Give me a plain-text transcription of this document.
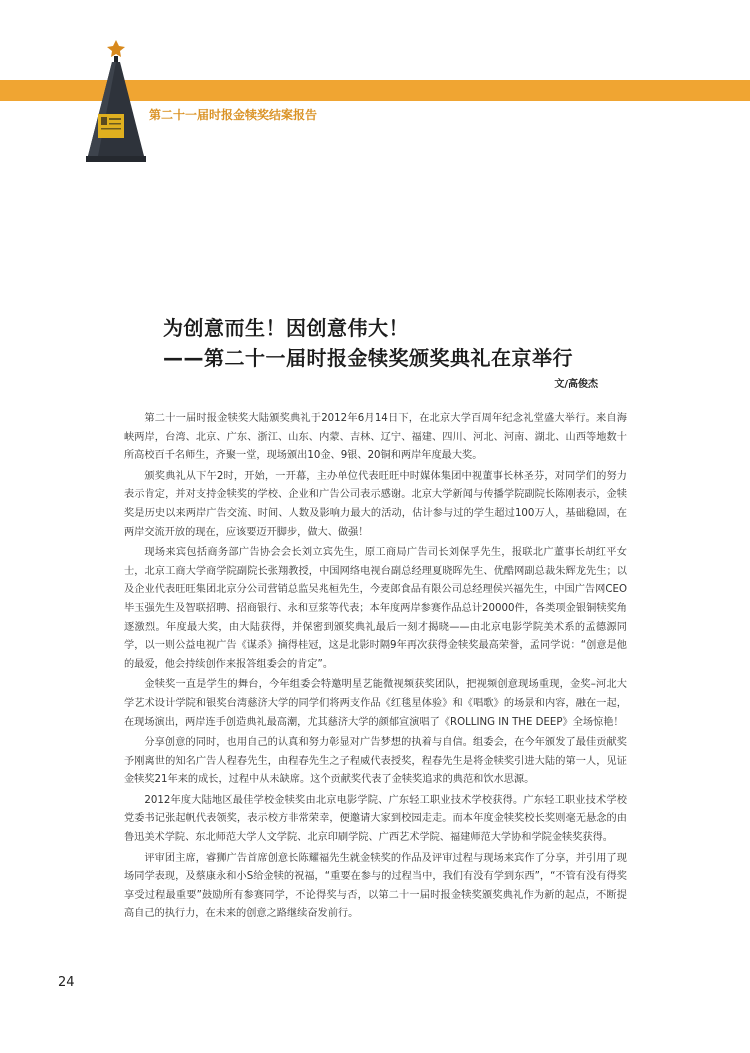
第二十一届时报金犊奖结案报告
为创意而生！因创意伟大！
——第二十一届时报金犊奖颁奖典礼在京举行
文/高俊杰

第二十一届时报金犊奖大陆颁奖典礼于2012年6月14日下，在北京大学百周年纪念礼堂盛大举行。来自海峡两岸，台湾、北京、广东、浙江、山东、内蒙、吉林、辽宁、福建、四川、河北、河南、湖北、山西等地数十所高校百千名师生，齐聚一堂，现场颁出10金、9银、20铜和两岸年度最大奖。

颁奖典礼从下午2时，开始，一开幕，主办单位代表旺旺中时媒体集团中视董事长林圣芬，对同学们的努力表示肯定，并对支持金犊奖的学校、企业和广告公司表示感谢。北京大学新闻与传播学院副院长陈刚表示，金犊奖是历史以来两岸广告交流、时间、人数及影响力最大的活动，估计参与过的学生超过100万人，基础稳固，在两岸交流开放的现在，应该要迈开脚步，做大、做强！

现场来宾包括商务部广告协会会长刘立宾先生，原工商局广告司长刘保孚先生，报联北广董事长胡红平女士，北京工商大学商学院副院长张翔教授，中国网络电视台副总经理夏晓晖先生、优酷网副总裁朱辉龙先生；以及企业代表旺旺集团北京分公司营销总监吴兆桓先生，今麦郎食品有限公司总经理侯兴福先生，中国广告网CEO毕玉强先生及智联招聘、招商银行、永和豆浆等代表；本年度两岸参赛作品总计20000件，各类项金银铜犊奖角逐激烈。年度最大奖，由大陆获得，并保密到颁奖典礼最后一刻才揭晓——由北京电影学院美术系的孟德源同学，以一则公益电视广告《谋杀》摘得桂冠，这是北影时隔9年再次获得金犊奖最高荣誉，孟同学说：“创意是他的最爱，他会持续创作来报答组委会的肯定”。

金犊奖一直是学生的舞台，今年组委会特邀明星艺能微视频获奖团队，把视频创意现场重现，金奖–河北大学艺术设计学院和银奖台湾慈济大学的同学们将两支作品《红毯星体验》和《唱歌》的场景和内容，融在一起，在现场演出，两岸连手创造典礼最高潮，尤其慈济大学的颜郁宣演唱了《ROLLING IN THE DEEP》全场惊艳！

分享创意的同时，也用自己的认真和努力彰显对广告梦想的执着与自信。组委会，在今年颁发了最佳贡献奖予刚离世的知名广告人程春先生，由程春先生之子程威代表授奖，程春先生是将金犊奖引进大陆的第一人，见证金犊奖21年来的成长，过程中从未缺席。这个贡献奖代表了金犊奖追求的典范和饮水思源。

2012年度大陆地区最佳学校金犊奖由北京电影学院、广东轻工职业技术学校获得。广东轻工职业技术学校党委书记张起帆代表领奖，表示校方非常荣幸，便邀请大家到校园走走。而本年度金犊奖校长奖则毫无悬念的由鲁迅美术学院、东北师范大学人文学院、北京印刷学院、广西艺术学院、福建师范大学协和学院金犊奖获得。

评审团主席，睿狮广告首席创意长陈耀福先生就金犊奖的作品及评审过程与现场来宾作了分享，并引用了现场同学表现，及蔡康永和小S给金犊的祝福，“重要在参与的过程当中，我们有没有学到东西”，“不管有没有得奖享受过程最重要”鼓励所有参赛同学，不论得奖与否，以第二十一届时报金犊奖颁奖典礼作为新的起点，不断提高自己的执行力，在未来的创意之路继续奋发前行。

24
